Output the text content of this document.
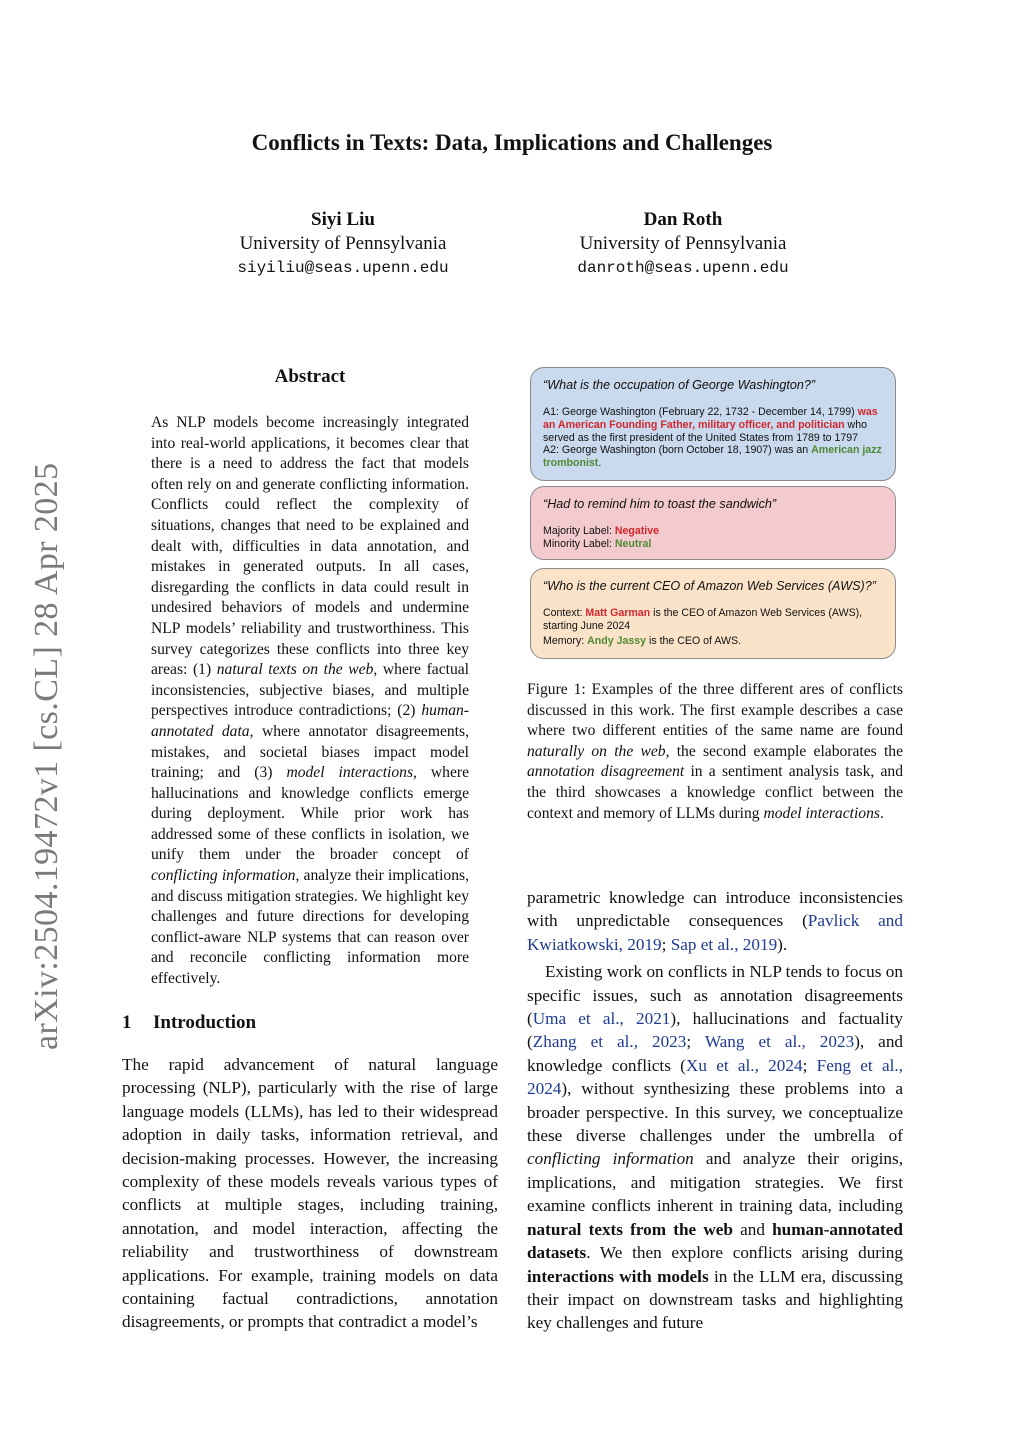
Conflicts in Texts: Data, Implications and Challenges
Siyi Liu
University of Pennsylvania
siyiliu@seas.upenn.edu
Dan Roth
University of Pennsylvania
danroth@seas.upenn.edu
arXiv:2504.19472v1 [cs.CL] 28 Apr 2025
Abstract
As NLP models become increasingly integrated into real-world applications, it becomes clear that there is a need to address the fact that models often rely on and generate conflicting information. Conflicts could reflect the complexity of situations, changes that need to be explained and dealt with, difficulties in data annotation, and mistakes in generated outputs. In all cases, disregarding the conflicts in data could result in undesired behaviors of models and undermine NLP models’ reliability and trustworthiness. This survey categorizes these conflicts into three key areas: (1) natural texts on the web, where factual inconsistencies, subjective biases, and multiple perspectives introduce contradictions; (2) human-annotated data, where annotator disagreements, mistakes, and societal biases impact model training; and (3) model interactions, where hallucinations and knowledge conflicts emerge during deployment. While prior work has addressed some of these conflicts in isolation, we unify them under the broader concept of conflicting information, analyze their implications, and discuss mitigation strategies. We highlight key challenges and future directions for developing conflict-aware NLP systems that can reason over and reconcile conflicting information more effectively.
1 Introduction
The rapid advancement of natural language processing (NLP), particularly with the rise of large language models (LLMs), has led to their widespread adoption in daily tasks, information retrieval, and decision-making processes. However, the increasing complexity of these models reveals various types of conflicts at multiple stages, including training, annotation, and model interaction, affecting the reliability and trustworthiness of downstream applications. For example, training models on data containing factual contradictions, annotation disagreements, or prompts that contradict a model’s
“What is the occupation of George Washington?”

A1: George Washington (February 22, 1732 - December 14, 1799) was an American Founding Father, military officer, and politician who served as the first president of the United States from 1789 to 1797

A2: George Washington (born October 18, 1907) was an American jazz trombonist.

“Had to remind him to toast the sandwich”

Majority Label: Negative

Minority Label: Neutral

“Who is the current CEO of Amazon Web Services (AWS)?”

Context: Matt Garman is the CEO of Amazon Web Services (AWS), starting June 2024

Memory: Andy Jassy is the CEO of AWS.

Figure 1: Examples of the three different ares of conflicts discussed in this work. The first example describes a case where two different entities of the same name are found naturally on the web, the second example elaborates the annotation disagreement in a sentiment analysis task, and the third showcases a knowledge conflict between the context and memory of LLMs during model interactions.

parametric knowledge can introduce inconsistencies with unpredictable consequences (Pavlick and Kwiatkowski, 2019; Sap et al., 2019).

Existing work on conflicts in NLP tends to focus on specific issues, such as annotation disagreements (Uma et al., 2021), hallucinations and factuality (Zhang et al., 2023; Wang et al., 2023), and knowledge conflicts (Xu et al., 2024; Feng et al., 2024), without synthesizing these problems into a broader perspective. In this survey, we conceptualize these diverse challenges under the umbrella of conflicting information and analyze their origins, implications, and mitigation strategies. We first examine conflicts inherent in training data, including natural texts from the web and human-annotated datasets. We then explore conflicts arising during interactions with models in the LLM era, discussing their impact on downstream tasks and highlighting key challenges and future
